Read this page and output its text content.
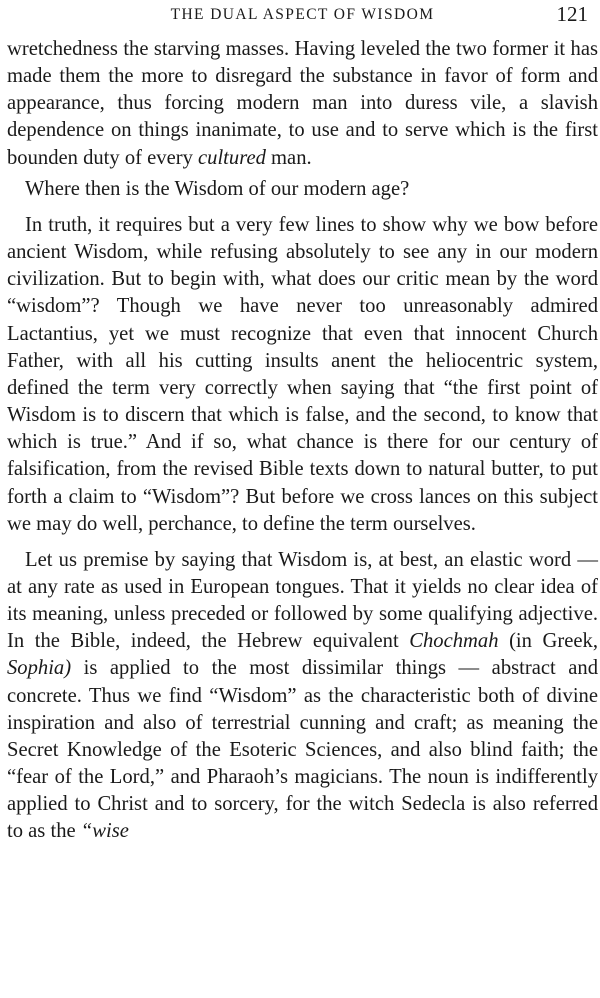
THE DUAL ASPECT OF WISDOM	121

wretchedness the starving masses. Having leveled the two former it has made them the more to disregard the substance in favor of form and appearance, thus forcing modern man into duress vile, a slavish dependence on things inanimate, to use and to serve which is the first bounden duty of every cultured man.

Where then is the Wisdom of our modern age?

In truth, it requires but a very few lines to show why we bow before ancient Wisdom, while refusing absolutely to see any in our modern civilization. But to begin with, what does our critic mean by the word “wisdom”? Though we have never too unreasonably admired Lactantius, yet we must recognize that even that innocent Church Father, with all his cutting insults anent the heliocentric system, defined the term very correctly when saying that “the first point of Wisdom is to discern that which is false, and the second, to know that which is true.” And if so, what chance is there for our century of falsification, from the revised Bible texts down to natural butter, to put forth a claim to “Wisdom”? But before we cross lances on this subject we may do well, perchance, to define the term ourselves.

Let us premise by saying that Wisdom is, at best, an elastic word — at any rate as used in European tongues. That it yields no clear idea of its meaning, unless preceded or followed by some qualifying adjective. In the Bible, indeed, the Hebrew equivalent Chochmah (in Greek, Sophia) is applied to the most dissimilar things — abstract and concrete. Thus we find “Wisdom” as the characteristic both of divine inspiration and also of terrestrial cunning and craft; as meaning the Secret Knowledge of the Esoteric Sciences, and also blind faith; the “fear of the Lord,” and Pharaoh’s magicians. The noun is indifferently applied to Christ and to sorcery, for the witch Sedecla is also referred to as the “wise
